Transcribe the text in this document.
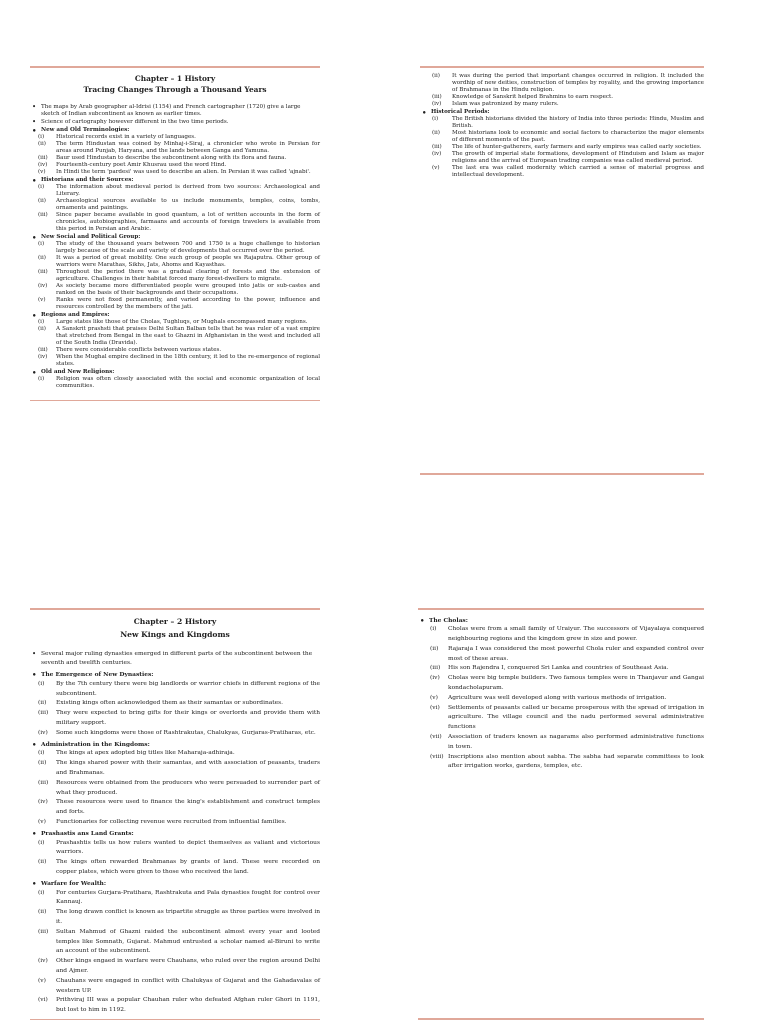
Chapter – 1 History
Tracing Changes Through a Thousand Years
• The maps by Arab geographer al-Idrisi (1154) and French cartographer (1720) give a large sketch of Indian subcontinent as known as earlier times.
• Science of cartography however different in the two time periods.
• New and Old Terminologies:
(i) Historical records exist in a variety of languages.
(ii) The term Hindustan was coined by Minhaj-i-Siraj, a chronicler who wrote in Persian for areas around Punjab, Haryana, and the lands between Ganga and Yamuna.
(iii) Baur used Hindustan to describe the subcontinent along with its flora and fauna.
(iv) Fourteenth-century poet Amir Khusrau used the word Hind.
(v) In Hindi the term 'pardesi' was used to describe an alien. In Persian it was called 'ajnabi'.
• Historians and their Sources:
(i) The information about medieval period is derived from two sources: Archaeological and Literary.
(ii) Archaeological sources available to us include monuments, temples, coins, tombs, ornaments and paintings.
(iii) Since paper became available in good quantum, a lot of written accounts in the form of chronicles, autobiographies, farmaans and accounts of foreign travelers is available from this period in Persian and Arabic.
• New Social and Political Group:
(i) The study of the thousand years between 700 and 1750 is a huge challenge to historian largely because of the scale and variety of developments that occurred over the period.
(ii) It was a period of great mobility. One such group of people ws Rajaputra. Other group of warriors were Marathas, Sikhs, Jats, Ahoms and Kayasthas.
(iii) Throughout the period there was a gradual clearing of forests and the extension of agriculture. Challenges in their habitat forced many forest-dwellers to migrate.
(iv) As society became more differentiated people were grouped into jatis or sub-castes and ranked on the basis of their backgrounds and their occupations.
(v) Ranks were not fixed permanently, and varied according to the power, influence and resources controlled by the members of the jati.
• Regions and Empires:
(i) Large states like those of the Cholas, Tughluqs, or Mughals encompassed many regions.
(ii) A Sanskrit prashsti that praises Delhi Sultan Balban tells that he was ruler of a vast empire that stretched from Bengal in the east to Ghazni in Afghanistan in the west and included all of the South India (Dravida).
(iii) There were considerable conflicts between various states.
(iv) When the Mughal empire declined in the 18th century, it led to the re-emergence of regional states.
• Old and New Religions:
(i) Religion was often closely associated with the social and economic organization of local communities.
(ii) It was during the period that important changes occurred in religion. It included the wordhip of new deities, construction of temples by royality, and the growing importance of Brahmanas in the Hindu religion.
(iii) Knowledge of Sanskrit helped Brahmins to earn respect.
(iv) Islam was patronized by many rulers.
• Historical Periods:
(i) The British historians divided the history of India into three periods: Hindu, Muslim and British.
(ii) Most historians look to economic and social factors to characterize the major elements of different moments of the past.
(iii) The life of hunter-gatherers, early farmers and early empires was called early societies.
(iv) The growth of imperial state formations, development of Hinduism and Islam as major religions and the arrival of European trading companies was called medieval period.
(v) The last era was called modernity which carried a sense of material progress and intellectual development.
Chapter – 2 History
New Kings and Kingdoms
• Several major ruling dynasties emerged in different parts of the subcontinent between the seventh and twelfth centuries.
• The Emergence of New Dynasties:
(i) By the 7th century there were big landlords or warrior chiefs in different regions of the subcontinent.
(ii) Existing kings often acknowledged them as their samantas or subordinates.
(iii) They were expected to bring gifts for their kings or overlords and provide them with military support.
(iv) Some such kingdoms were those of Rashtrakutas, Chalukyas, Gurjaras-Pratiharas, etc.
• Administration in the Kingdoms:
(i) The kings at apex adopted big titles like Maharaja-adhiraja.
(ii) The kings shared power with their samantas, and with association of peasants, traders and Brahmanas.
(iii) Resources were obtained from the producers who were persuaded to surrender part of what they produced.
(iv) These resources were used to finance the king's establishment and construct temples and forts.
(v) Functionaries for collecting revenue were recruited from influential families.
• Prashastis ans Land Grants:
(i) Prashashtis tells us how rulers wanted to depict themselves as valiant and victorious warriors.
(ii) The kings often rewarded Brahmanas by grants of land. These were recorded on copper plates, which were given to those who received the land.
• Warfare for Wealth:
(i) For centuries Gurjara-Pratihara, Rashtrakuta and Pala dynasties fought for control over Kannauj.
(ii) The long drawn conflict is known as tripartite struggle as three parties were involved in it.
(iii) Sultan Mahmud of Ghazni raided the subcontinent almost every year and looted temples like Somnath, Gujarat. Mahmud entrusted a scholar named al-Biruni to write an account of the subcontinent.
(iv) Other kings engaed in warfare were Chauhans, who ruled over the region around Delhi and Ajmer.
(v) Chauhans were engaged in conflict with Chalukyas of Gujarat and the Gahadavalas of western UP.
(vi) Prithviraj III was a popular Chauhan ruler who defeated Afghan ruler Ghori in 1191, but lost to him in 1192.
• The Cholas:
(i) Cholas were from a small family of Uraiyur. The successors of Vijayalaya conquered neighbouring regions and the kingdom grew in size and power.
(ii) Rajaraja I was considered the most powerful Chola ruler and expanded control over most of these areas.
(iii) His son Rajendra I, conquered Sri Lanka and countries of Southeast Asia.
(iv) Cholas were big temple builders. Two famous temples were in Thanjavur and Gangai kondacholapuram.
(v) Agriculture was well developed along with various methods of irrigation.
(vi) Settlements of peasants called ur became prosperous with the spread of irrigation in agriculture. The village council and the nadu performed several administrative functions
(vii) Association of traders known as nagarams also performed administrative functions in town.
(viii) Inscriptions also mention about sabha. The sabha had separate committees to look after irrigation works, gardens, temples, etc.
